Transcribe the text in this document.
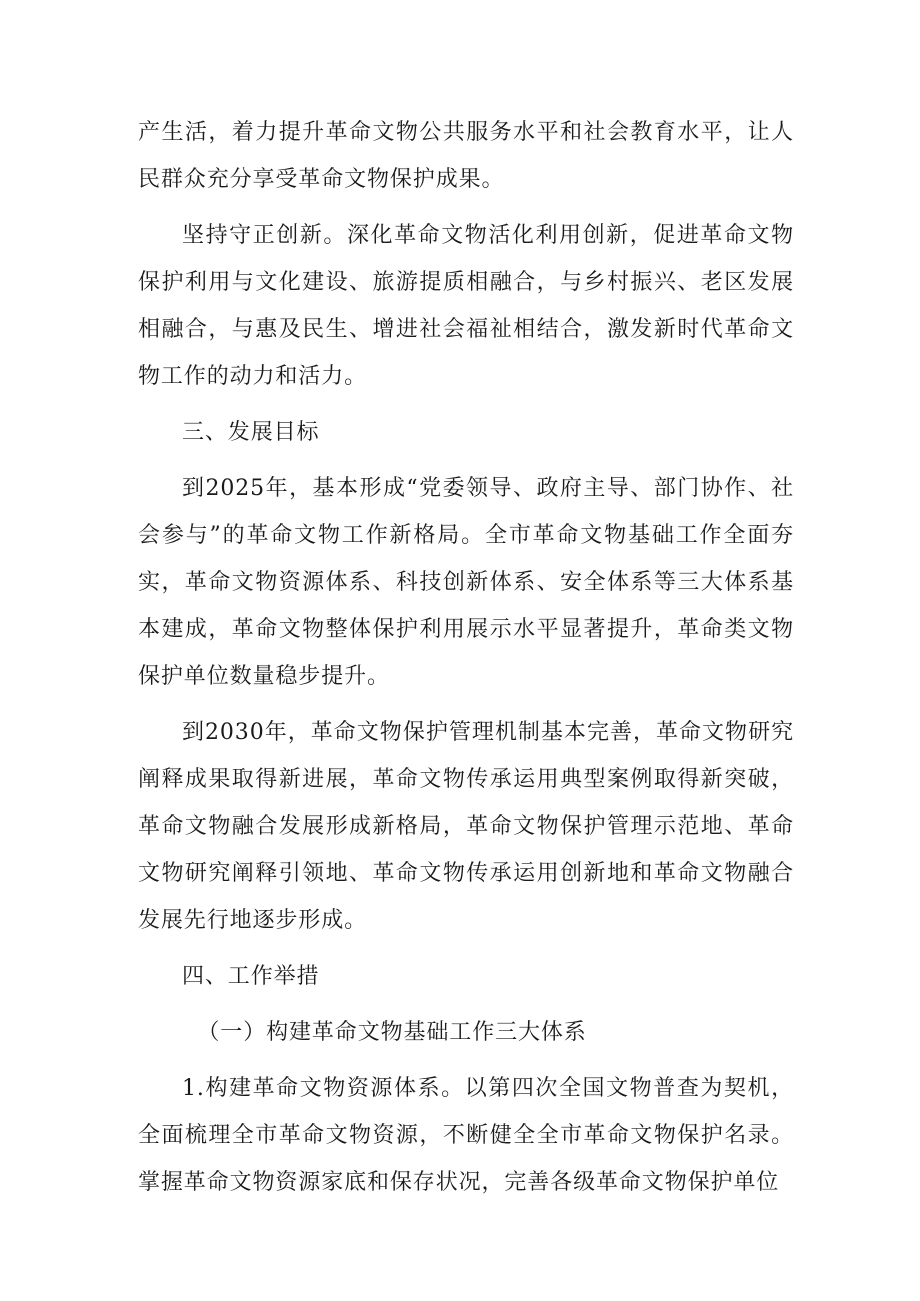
产生活，着力提升革命文物公共服务水平和社会教育水平，让人民群众充分享受革命文物保护成果。

坚持守正创新。深化革命文物活化利用创新，促进革命文物保护利用与文化建设、旅游提质相融合，与乡村振兴、老区发展相融合，与惠及民生、增进社会福祉相结合，激发新时代革命文物工作的动力和活力。

三、发展目标

到2025年，基本形成“党委领导、政府主导、部门协作、社会参与”的革命文物工作新格局。全市革命文物基础工作全面夯实，革命文物资源体系、科技创新体系、安全体系等三大体系基本建成，革命文物整体保护利用展示水平显著提升，革命类文物保护单位数量稳步提升。

到2030年，革命文物保护管理机制基本完善，革命文物研究阐释成果取得新进展，革命文物传承运用典型案例取得新突破，革命文物融合发展形成新格局，革命文物保护管理示范地、革命文物研究阐释引领地、革命文物传承运用创新地和革命文物融合发展先行地逐步形成。

四、工作举措

（一）构建革命文物基础工作三大体系

1.构建革命文物资源体系。以第四次全国文物普查为契机，全面梳理全市革命文物资源，不断健全全市革命文物保护名录。掌握革命文物资源家底和保存状况，完善各级革命文物保护单位
